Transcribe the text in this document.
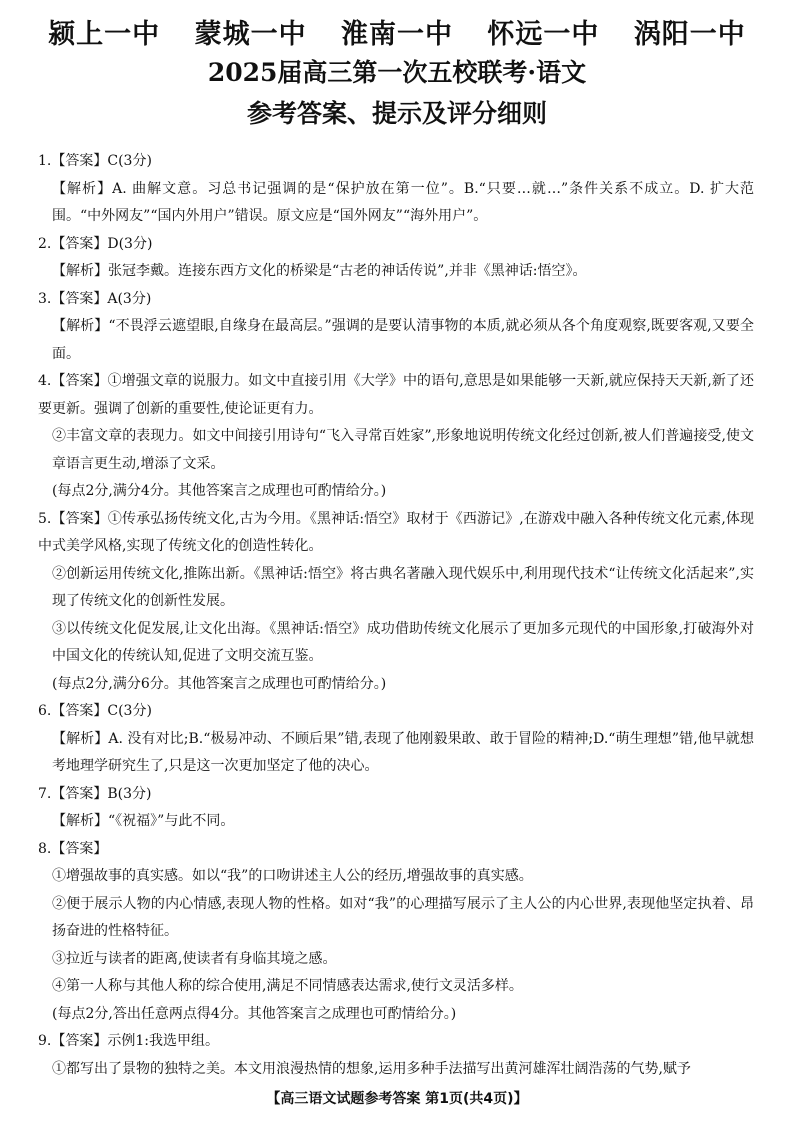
颍上一中 蒙城一中 淮南一中 怀远一中 涡阳一中
2025届高三第一次五校联考·语文
参考答案、提示及评分细则

1.【答案】C(3分)

【解析】A. 曲解文意。习总书记强调的是“保护放在第一位”。B.“只要…就…”条件关系不成立。D. 扩大范围。“中外网友”“国内外用户”错误。原文应是“国外网友”“海外用户”。

2.【答案】D(3分)

【解析】张冠李戴。连接东西方文化的桥梁是“古老的神话传说”,并非《黑神话:悟空》。

3.【答案】A(3分)

【解析】“不畏浮云遮望眼,自缘身在最高层。”强调的是要认清事物的本质,就必须从各个角度观察,既要客观,又要全面。

4.【答案】①增强文章的说服力。如文中直接引用《大学》中的语句,意思是如果能够一天新,就应保持天天新,新了还要更新。强调了创新的重要性,使论证更有力。

②丰富文章的表现力。如文中间接引用诗句“飞入寻常百姓家”,形象地说明传统文化经过创新,被人们普遍接受,使文章语言更生动,增添了文采。

(每点2分,满分4分。其他答案言之成理也可酌情给分。)

5.【答案】①传承弘扬传统文化,古为今用。《黑神话:悟空》取材于《西游记》,在游戏中融入各种传统文化元素,体现中式美学风格,实现了传统文化的创造性转化。

②创新运用传统文化,推陈出新。《黑神话:悟空》将古典名著融入现代娱乐中,利用现代技术“让传统文化活起来”,实现了传统文化的创新性发展。

③以传统文化促发展,让文化出海。《黑神话:悟空》成功借助传统文化展示了更加多元现代的中国形象,打破海外对中国文化的传统认知,促进了文明交流互鉴。

(每点2分,满分6分。其他答案言之成理也可酌情给分。)

6.【答案】C(3分)

【解析】A. 没有对比;B.“极易冲动、不顾后果”错,表现了他刚毅果敢、敢于冒险的精神;D.“萌生理想”错,他早就想考地理学研究生了,只是这一次更加坚定了他的决心。

7.【答案】B(3分)

【解析】“《祝福》”与此不同。

8.【答案】

①增强故事的真实感。如以“我”的口吻讲述主人公的经历,增强故事的真实感。

②便于展示人物的内心情感,表现人物的性格。如对“我”的心理描写展示了主人公的内心世界,表现他坚定执着、昂扬奋进的性格特征。

③拉近与读者的距离,使读者有身临其境之感。

④第一人称与其他人称的综合使用,满足不同情感表达需求,使行文灵活多样。

(每点2分,答出任意两点得4分。其他答案言之成理也可酌情给分。)

9.【答案】示例1:我选甲组。

①都写出了景物的独特之美。本文用浪漫热情的想象,运用多种手法描写出黄河雄浑壮阔浩荡的气势,赋予

【高三语文试题参考答案 第1页(共4页)】
